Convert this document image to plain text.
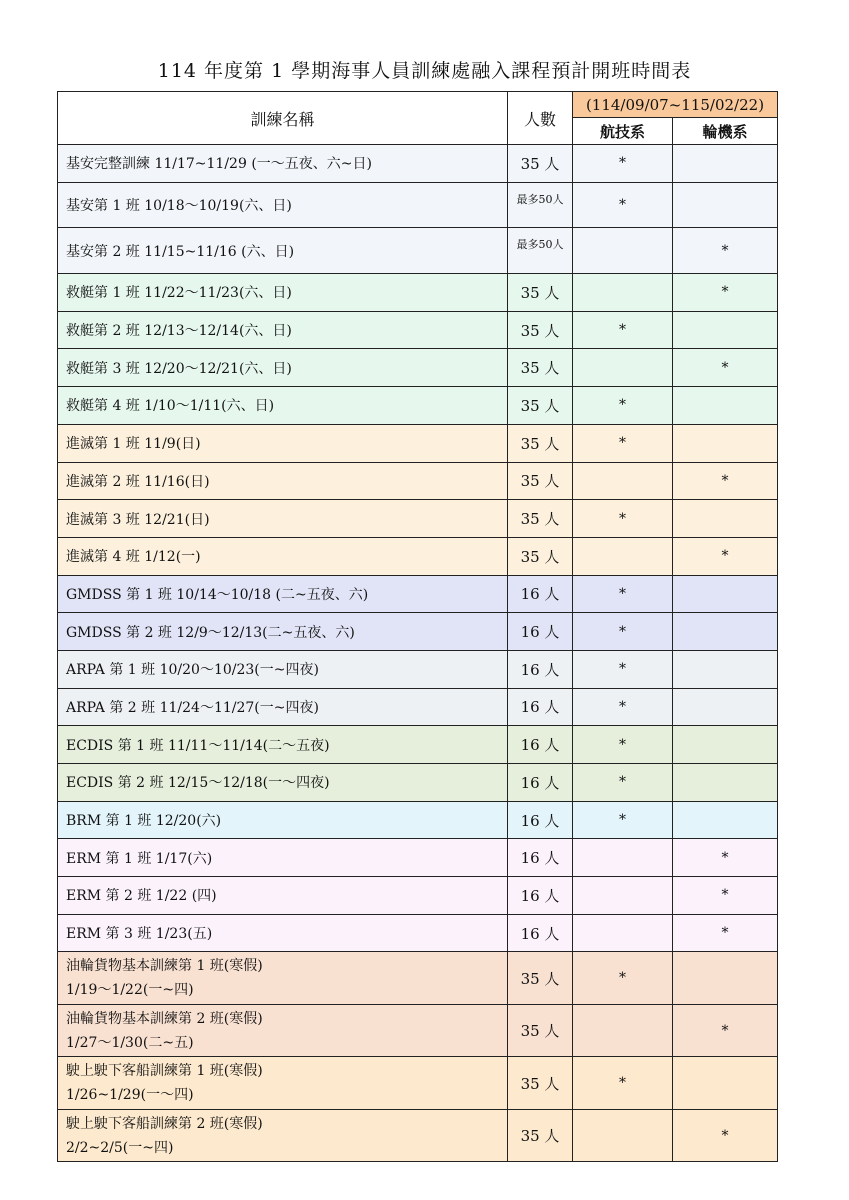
114 年度第 1 學期海事人員訓練處融入課程預計開班時間表
訓練名稱	人數	(114/09/07~115/02/22)	
		航技系	輪機系
基安完整訓練 11/17~11/29 (一～五夜、六~日)	35 人	*	
基安第 1 班 10/18～10/19(六、日)	最多50人	*	
基安第 2 班 11/15~11/16 (六、日)	最多50人		*
救艇第 1 班 11/22～11/23(六、日)	35 人		*
救艇第 2 班 12/13～12/14(六、日)	35 人	*	
救艇第 3 班 12/20～12/21(六、日)	35 人		*
救艇第 4 班 1/10～1/11(六、日)	35 人	*	
進滅第 1 班 11/9(日)	35 人	*	
進滅第 2 班 11/16(日)	35 人		*
進滅第 3 班 12/21(日)	35 人	*	
進滅第 4 班 1/12(一)	35 人		*
GMDSS 第 1 班 10/14～10/18 (二~五夜、六)	16 人	*	
GMDSS 第 2 班 12/9～12/13(二~五夜、六)	16 人	*	
ARPA 第 1 班 10/20～10/23(一~四夜)	16 人	*	
ARPA 第 2 班 11/24～11/27(一~四夜)	16 人	*	
ECDIS 第 1 班 11/11～11/14(二～五夜)	16 人	*	
ECDIS 第 2 班 12/15～12/18(一～四夜)	16 人	*	
BRM 第 1 班 12/20(六)	16 人	*	
ERM 第 1 班 1/17(六)	16 人		*
ERM 第 2 班 1/22 (四)	16 人		*
ERM 第 3 班 1/23(五)	16 人		*

油輪貨物基本訓練第 1 班(寒假)
1/19～1/22(一~四)	35 人	*	

油輪貨物基本訓練第 2 班(寒假)
1/27～1/30(二~五)	35 人		*

駛上駛下客船訓練第 1 班(寒假)
1/26~1/29(一～四)	35 人	*	

駛上駛下客船訓練第 2 班(寒假)
2/2~2/5(一~四)	35 人		*
